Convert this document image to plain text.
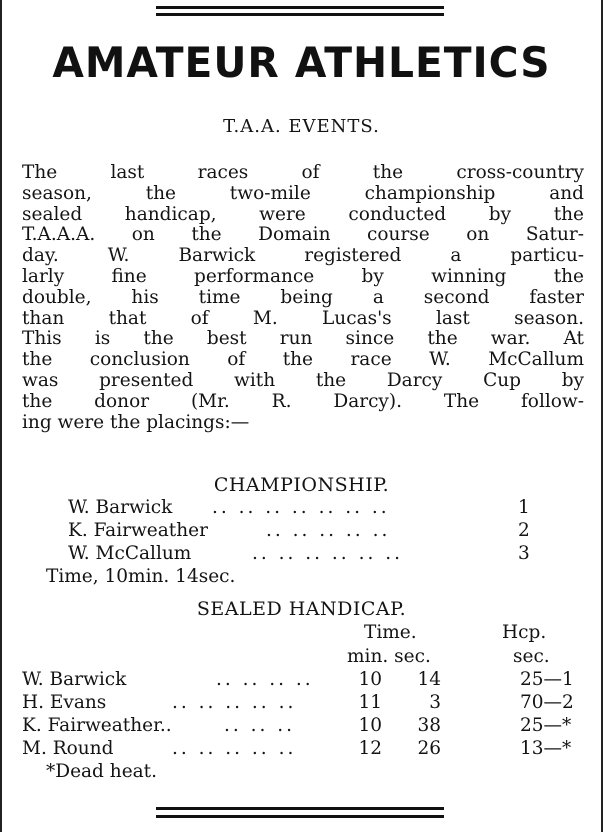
AMATEUR ATHLETICS
T.A.A. EVENTS.
The last races of the cross-country
season, the two-mile championship and
sealed handicap, were conducted by the
T.A.A.A. on the Domain course on Satur-
day. W. Barwick registered a particu-
larly fine performance by winning the
double, his time being a second faster
than that of M. Lucas's last season.
This is the best run since the war. At
the conclusion of the race W. McCallum
was presented with the Darcy Cup by
the donor (Mr. R. Darcy). The follow-
ing were the placings:—
CHAMPIONSHIP.
W. Barwick .. .. .. .. .. .. ..	1
K. Fairweather	.. .. .. .. ..	2
W. McCallum	.. .. .. .. .. ..	3
Time, 10min. 14sec.
SEALED HANDICAP.
Time.	Hcp.
min. sec.	sec.
W. Barwick	.. .. .. ..	10	14	25—1
H. Evans	.. .. .. .. ..	11	3	70—2
K. Fairweather..	.. .. ..	10	38	25—*
M. Round	.. .. .. .. ..	12	26	13—*
*Dead heat.
